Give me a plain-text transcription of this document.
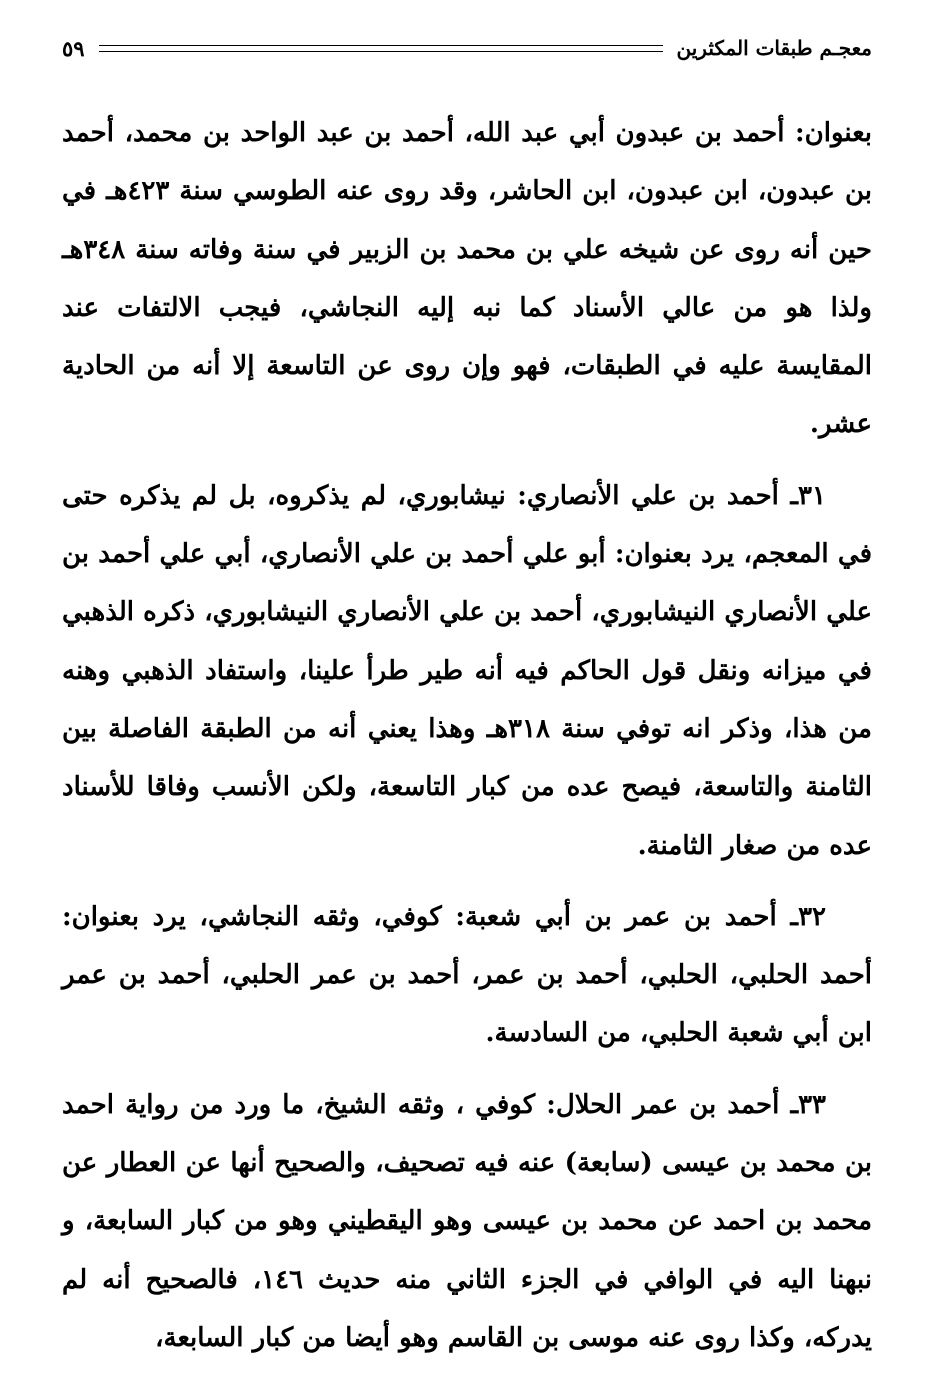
معجـم طبقات المكثرين
٥٩

بعنوان: أحمد بن عبدون أبي عبد الله، أحمد بن عبد الواحد بن محمد، أحمد بن عبدون، ابن عبدون، ابن الحاشر، وقد روى عنه الطوسي سنة ٤٢٣هـ في حين أنه روى عن شيخه علي بن محمد بن الزبير في سنة وفاته سنة ٣٤٨هـ ولذا هو من عالي الأسناد كما نبه إليه النجاشي، فيجب الالتفات عند المقايسة عليه في الطبقات، فهو وإن روى عن التاسعة إلا أنه من الحادية عشر.

٣١ـ أحمد بن علي الأنصاري: نيشابوري، لم يذكروه، بل لم يذكره حتى في المعجم، يرد بعنوان: أبو علي أحمد بن علي الأنصاري، أبي علي أحمد بن علي الأنصاري النيشابوري، أحمد بن علي الأنصاري النيشابوري، ذكره الذهبي في ميزانه ونقل قول الحاكم فيه أنه طير طرأ علينا، واستفاد الذهبي وهنه من هذا، وذكر انه توفي سنة ٣١٨هـ وهذا يعني أنه من الطبقة الفاصلة بين الثامنة والتاسعة، فيصح عده من كبار التاسعة، ولكن الأنسب وفاقا للأسناد عده من صغار الثامنة.

٣٢ـ أحمد بن عمر بن أبي شعبة: كوفي، وثقه النجاشي، يرد بعنوان: أحمد الحلبي، الحلبي، أحمد بن عمر، أحمد بن عمر الحلبي، أحمد بن عمر ابن أبي شعبة الحلبي، من السادسة.

٣٣ـ أحمد بن عمر الحلال: كوفي ، وثقه الشيخ، ما ورد من رواية احمد بن محمد بن عيسى (سابعة) عنه فيه تصحيف، والصحيح أنها عن العطار عن محمد بن احمد عن محمد بن عيسى وهو اليقطيني وهو من كبار السابعة، و نبهنا اليه في الوافي في الجزء الثاني منه حديث ١٤٦، فالصحيح أنه لم يدركه، وكذا روى عنه موسى بن القاسم وهو أيضا من كبار السابعة،
